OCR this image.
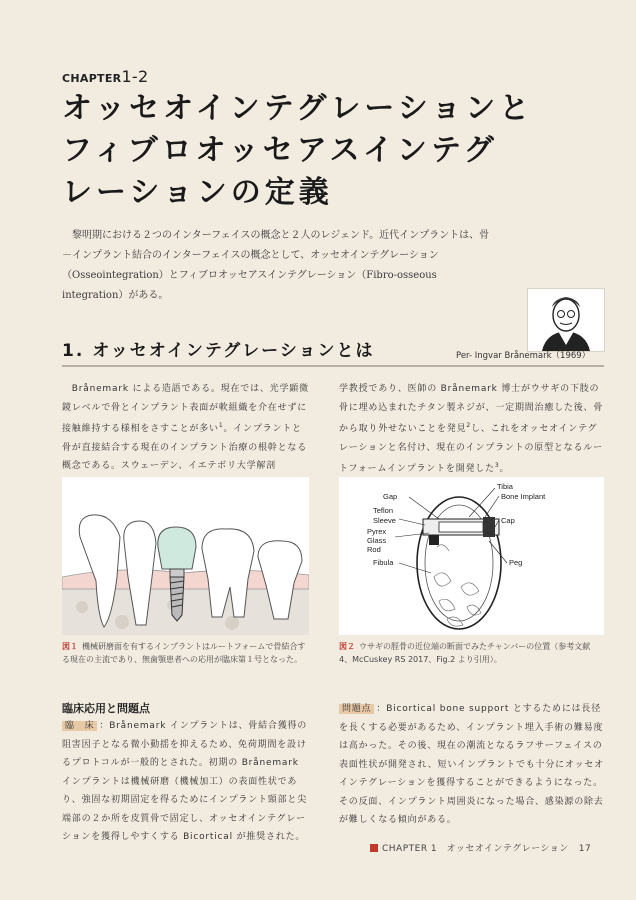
CHAPTER1-2
オッセオインテグレーションと
フィブロオッセアスインテグ
レーションの定義
黎明期における２つのインターフェイスの概念と２人のレジェンド。近代インプラントは、骨－インプラント結合のインターフェイスの概念として、オッセオインテグレーション（Osseointegration）とフィブロオッセアスインテグレーション（Fibro-osseous integration）がある。
Per- Ingvar Brånemark（1969）
1. オッセオインテグレーションとは
　Brånemark による造語である。現在では、光学顕微鏡レベルで骨とインプラント表面が軟組織を介在せずに接触維持する様相をさすことが多い$^1$。インプラントと骨が直接結合する現在のインプラント治療の根幹となる概念である。スウェーデン、イエテボリ大学解剖
学教授であり、医師の Brånemark 博士がウサギの下肢の骨に埋め込まれたチタン製ネジが、一定期間治癒した後、骨から取り外せないことを発見$^2$し、これをオッセオインテグレーションと名付け、現在のインプラントの原型となるルートフォームインプラントを開発した$^3$。
図１ 機械研磨面を有するインプラントはルートフォームで骨結合する現在の主流であり、無歯顎患者への応用が臨床第１号となった。
Tibia
Gap	Bone Implant
Teflon
Sleeve	Cap
Pyrex
Glass
Rod
Fibula	Peg
図２ ウサギの脛骨の近位端の断面でみたチャンバーの位置（参考文献 4、McCuskey RS 2017、Fig.2 より引用）。
臨床応用と問題点
臨　床 ：Brånemark インプラントは、骨結合獲得の阻害因子となる微小動揺を抑えるため、免荷期間を設けるプロトコルが一般的とされた。初期の Brånemark インプラントは機械研磨（機械加工）の表面性状であり、強固な初期固定を得るためにインプラント頸部と尖端部の２か所を皮質骨で固定し、オッセオインテグレーションを獲得しやすくする Bicortical が推奨された。
問題点 ：Bicortical bone support とするためには長径を長くする必要があるため、インプラント埋入手術の難易度は高かった。その後、現在の潮流となるラフサーフェイスの表面性状が開発され、短いインプラントでも十分にオッセオインテグレーションを獲得することができるようになった。その反面、インプラント周囲炎になった場合、感染源の除去が難しくなる傾向がある。
CHAPTER 1　オッセオインテグレーション 17
